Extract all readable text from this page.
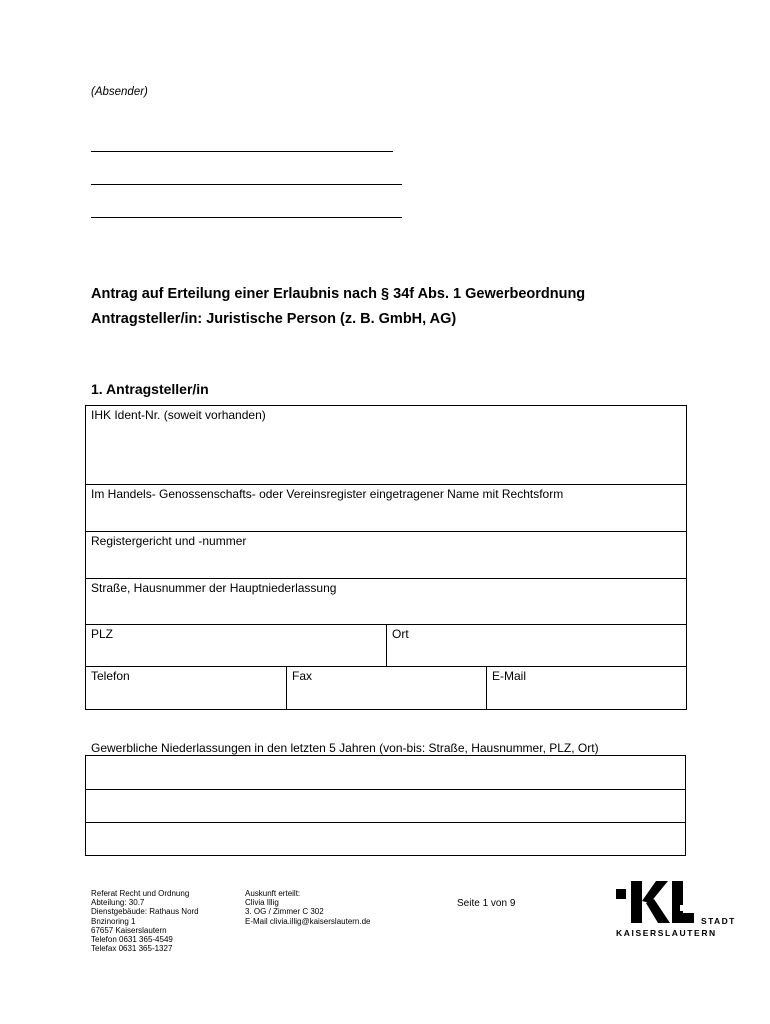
(Absender)
Antrag auf Erteilung einer Erlaubnis nach § 34f Abs. 1 Gewerbeordnung
Antragsteller/in: Juristische Person (z. B. GmbH, AG)
1. Antragsteller/in
IHK Ident-Nr. (soweit vorhanden)			
Im Handels- Genossenschafts- oder Vereinsregister eingetragener Name mit Rechtsform			
Registergericht und -nummer			
Straße, Hausnummer der Hauptniederlassung			
PLZ		Ort	
Telefon	Fax		E-Mail
Gewerbliche Niederlassungen in den letzten 5 Jahren (von-bis: Straße, Hausnummer, PLZ, Ort)

Referat Recht und Ordnung
Abteilung: 30.7
Dienstgebäude: Rathaus Nord
Bnzinoring 1
67657 Kaiserslautern
Telefon 0631 365-4549
Telefax 0631 365-1327
Auskunft erteilt:
Clivia Illig
3. OG / Zimmer C 302
E-Mail clivia.illig@kaiserslautern.de
Seite 1 von 9
STADT
KAISERSLAUTERN
